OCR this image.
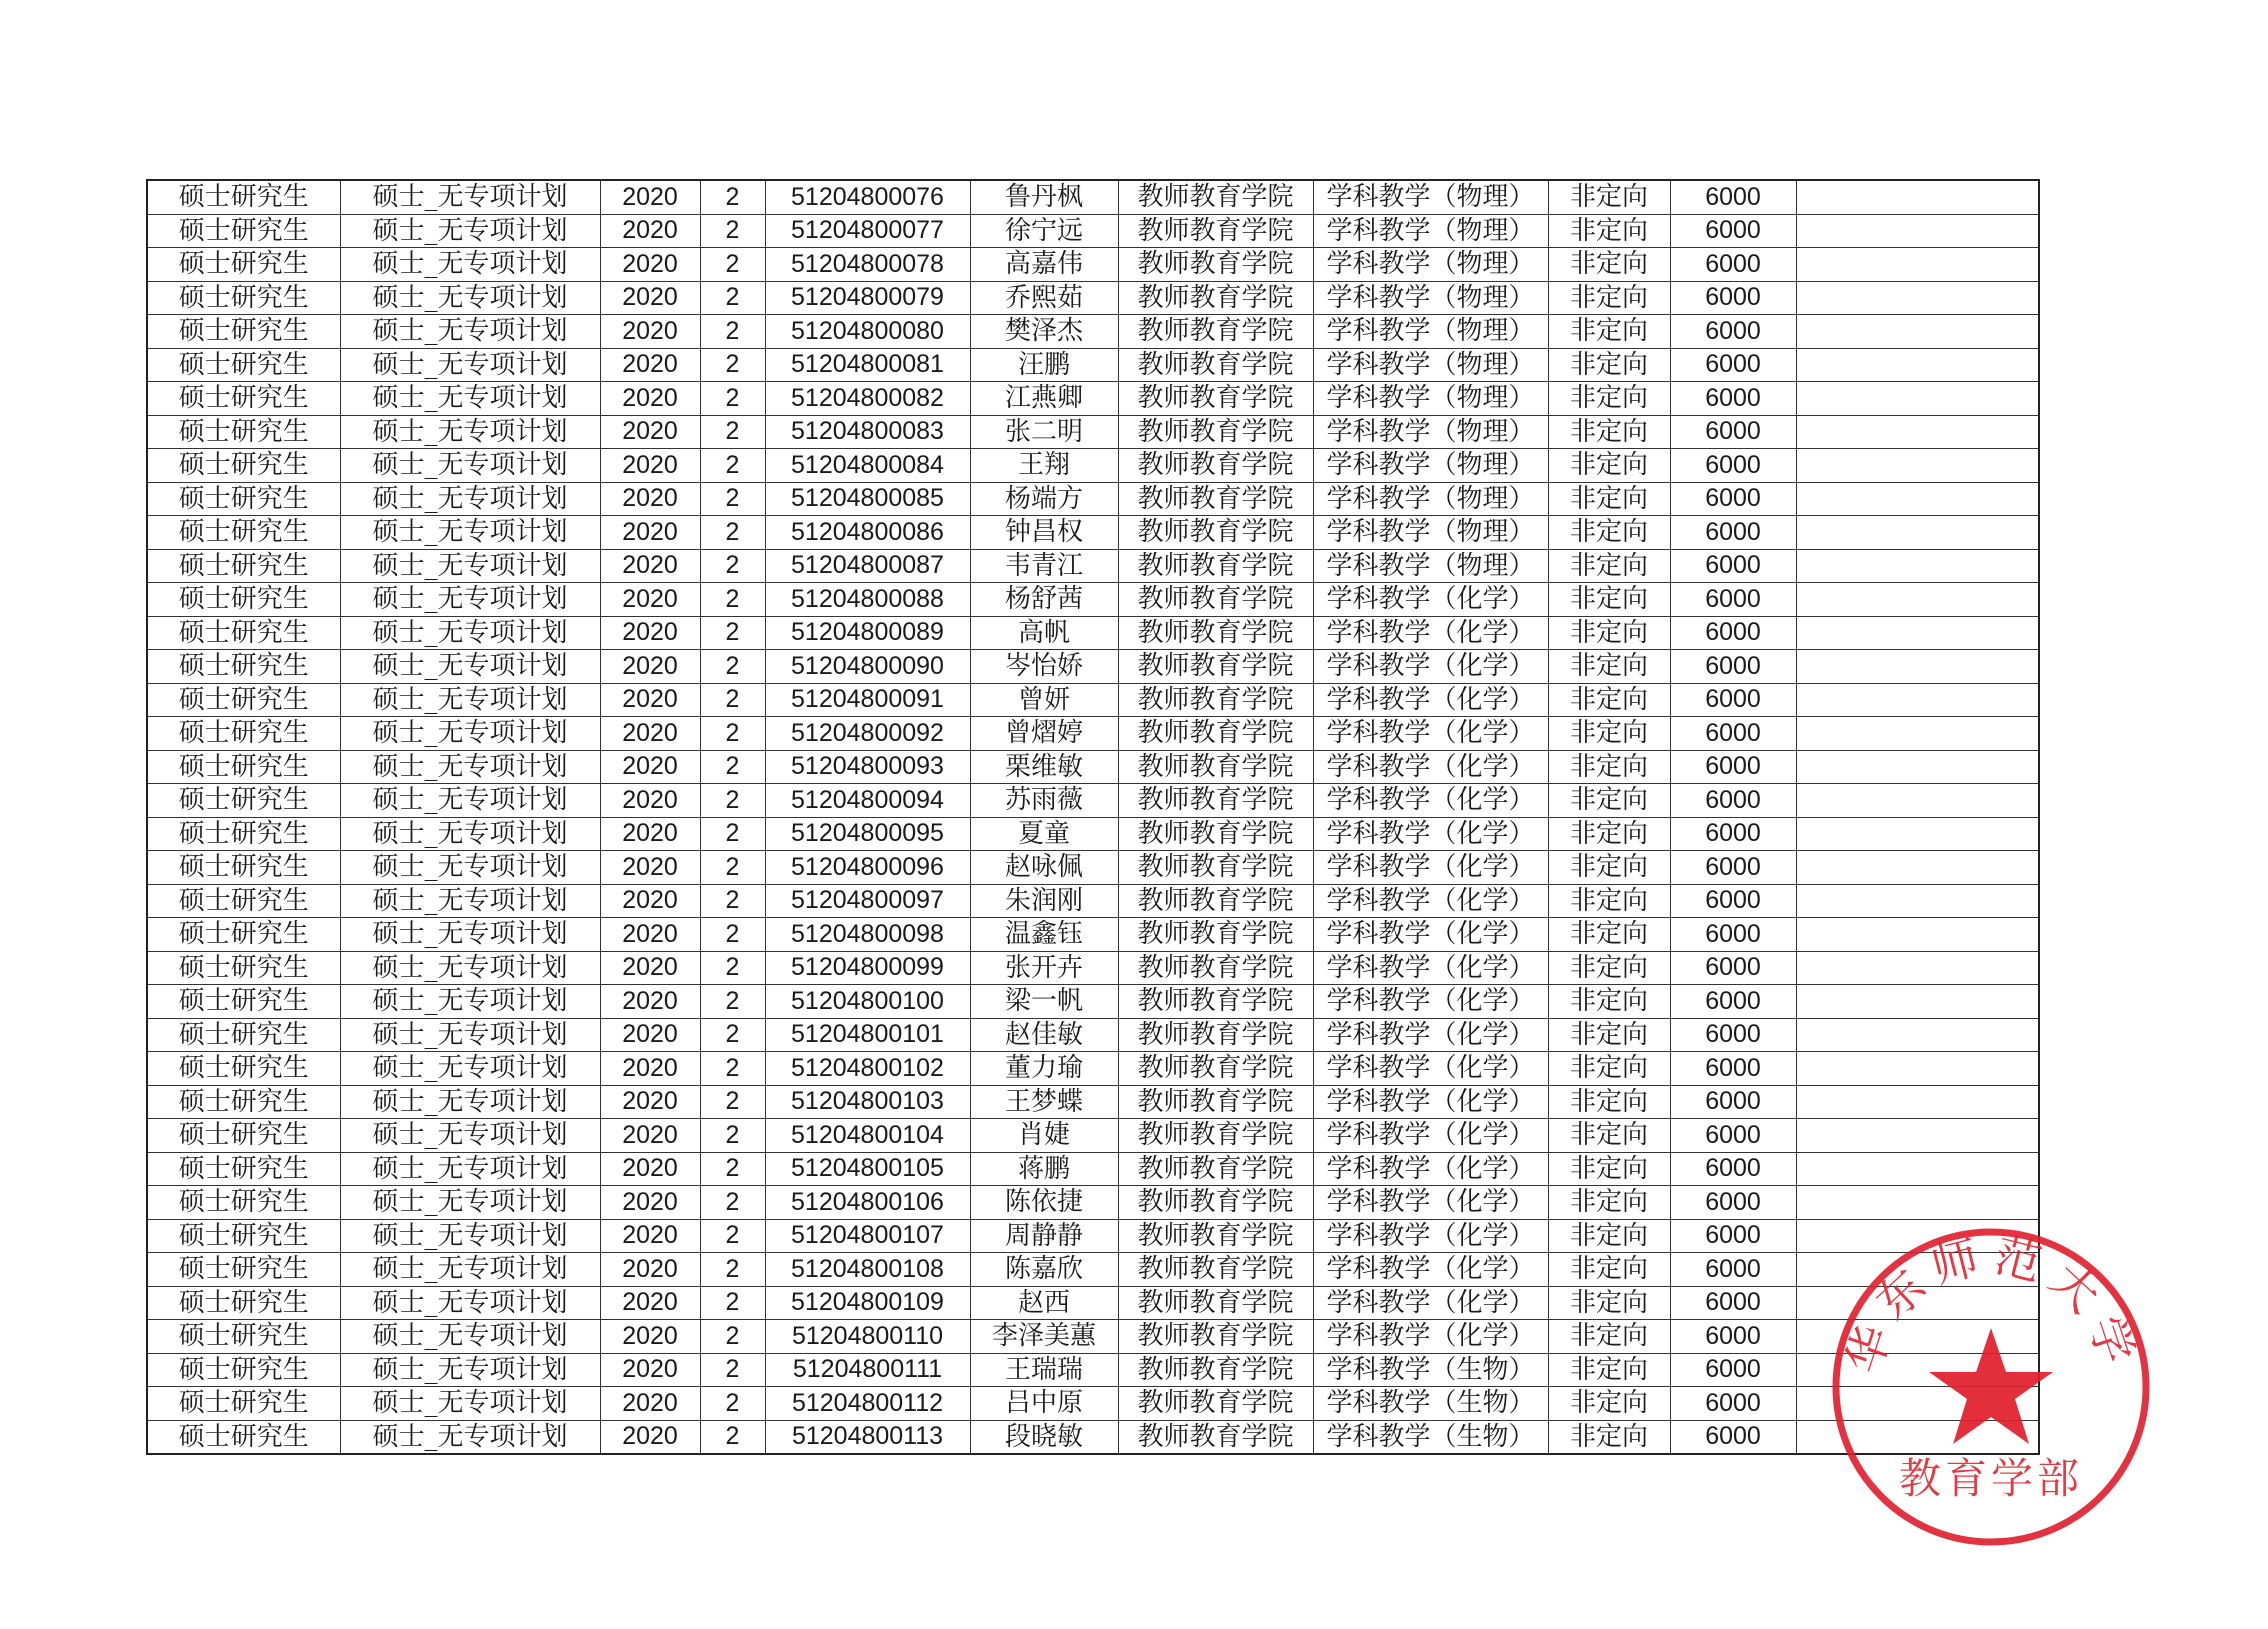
硕士研究生	硕士_无专项计划	2020	2	51204800076	鲁丹枫	教师教育学院	学科教学（物理）	非定向	6000	
硕士研究生	硕士_无专项计划	2020	2	51204800077	徐宁远	教师教育学院	学科教学（物理）	非定向	6000	
硕士研究生	硕士_无专项计划	2020	2	51204800078	高嘉伟	教师教育学院	学科教学（物理）	非定向	6000	
硕士研究生	硕士_无专项计划	2020	2	51204800079	乔熙茹	教师教育学院	学科教学（物理）	非定向	6000	
硕士研究生	硕士_无专项计划	2020	2	51204800080	樊泽杰	教师教育学院	学科教学（物理）	非定向	6000	
硕士研究生	硕士_无专项计划	2020	2	51204800081	汪鹏	教师教育学院	学科教学（物理）	非定向	6000	
硕士研究生	硕士_无专项计划	2020	2	51204800082	江燕卿	教师教育学院	学科教学（物理）	非定向	6000	
硕士研究生	硕士_无专项计划	2020	2	51204800083	张二明	教师教育学院	学科教学（物理）	非定向	6000	
硕士研究生	硕士_无专项计划	2020	2	51204800084	王翔	教师教育学院	学科教学（物理）	非定向	6000	
硕士研究生	硕士_无专项计划	2020	2	51204800085	杨端方	教师教育学院	学科教学（物理）	非定向	6000	
硕士研究生	硕士_无专项计划	2020	2	51204800086	钟昌权	教师教育学院	学科教学（物理）	非定向	6000	
硕士研究生	硕士_无专项计划	2020	2	51204800087	韦青江	教师教育学院	学科教学（物理）	非定向	6000	
硕士研究生	硕士_无专项计划	2020	2	51204800088	杨舒茜	教师教育学院	学科教学（化学）	非定向	6000	
硕士研究生	硕士_无专项计划	2020	2	51204800089	高帆	教师教育学院	学科教学（化学）	非定向	6000	
硕士研究生	硕士_无专项计划	2020	2	51204800090	岑怡娇	教师教育学院	学科教学（化学）	非定向	6000	
硕士研究生	硕士_无专项计划	2020	2	51204800091	曾妍	教师教育学院	学科教学（化学）	非定向	6000	
硕士研究生	硕士_无专项计划	2020	2	51204800092	曾熠婷	教师教育学院	学科教学（化学）	非定向	6000	
硕士研究生	硕士_无专项计划	2020	2	51204800093	栗维敏	教师教育学院	学科教学（化学）	非定向	6000	
硕士研究生	硕士_无专项计划	2020	2	51204800094	苏雨薇	教师教育学院	学科教学（化学）	非定向	6000	
硕士研究生	硕士_无专项计划	2020	2	51204800095	夏童	教师教育学院	学科教学（化学）	非定向	6000	
硕士研究生	硕士_无专项计划	2020	2	51204800096	赵咏佩	教师教育学院	学科教学（化学）	非定向	6000	
硕士研究生	硕士_无专项计划	2020	2	51204800097	朱润刚	教师教育学院	学科教学（化学）	非定向	6000	
硕士研究生	硕士_无专项计划	2020	2	51204800098	温鑫钰	教师教育学院	学科教学（化学）	非定向	6000	
硕士研究生	硕士_无专项计划	2020	2	51204800099	张开卉	教师教育学院	学科教学（化学）	非定向	6000	
硕士研究生	硕士_无专项计划	2020	2	51204800100	梁一帆	教师教育学院	学科教学（化学）	非定向	6000	
硕士研究生	硕士_无专项计划	2020	2	51204800101	赵佳敏	教师教育学院	学科教学（化学）	非定向	6000	
硕士研究生	硕士_无专项计划	2020	2	51204800102	董力瑜	教师教育学院	学科教学（化学）	非定向	6000	
硕士研究生	硕士_无专项计划	2020	2	51204800103	王梦蝶	教师教育学院	学科教学（化学）	非定向	6000	
硕士研究生	硕士_无专项计划	2020	2	51204800104	肖婕	教师教育学院	学科教学（化学）	非定向	6000	
硕士研究生	硕士_无专项计划	2020	2	51204800105	蒋鹏	教师教育学院	学科教学（化学）	非定向	6000	
硕士研究生	硕士_无专项计划	2020	2	51204800106	陈依捷	教师教育学院	学科教学（化学）	非定向	6000	
硕士研究生	硕士_无专项计划	2020	2	51204800107	周静静	教师教育学院	学科教学（化学）	非定向	6000	
硕士研究生	硕士_无专项计划	2020	2	51204800108	陈嘉欣	教师教育学院	学科教学（化学）	非定向	6000	
硕士研究生	硕士_无专项计划	2020	2	51204800109	赵西	教师教育学院	学科教学（化学）	非定向	6000	
硕士研究生	硕士_无专项计划	2020	2	51204800110	李泽美蕙	教师教育学院	学科教学（化学）	非定向	6000	
硕士研究生	硕士_无专项计划	2020	2	51204800111	王瑞瑞	教师教育学院	学科教学（生物）	非定向	6000	
硕士研究生	硕士_无专项计划	2020	2	51204800112	吕中原	教师教育学院	学科教学（生物）	非定向	6000	
硕士研究生	硕士_无专项计划	2020	2	51204800113	段晓敏	教师教育学院	学科教学（生物）	非定向	6000	
华东师范大学
教育学部
